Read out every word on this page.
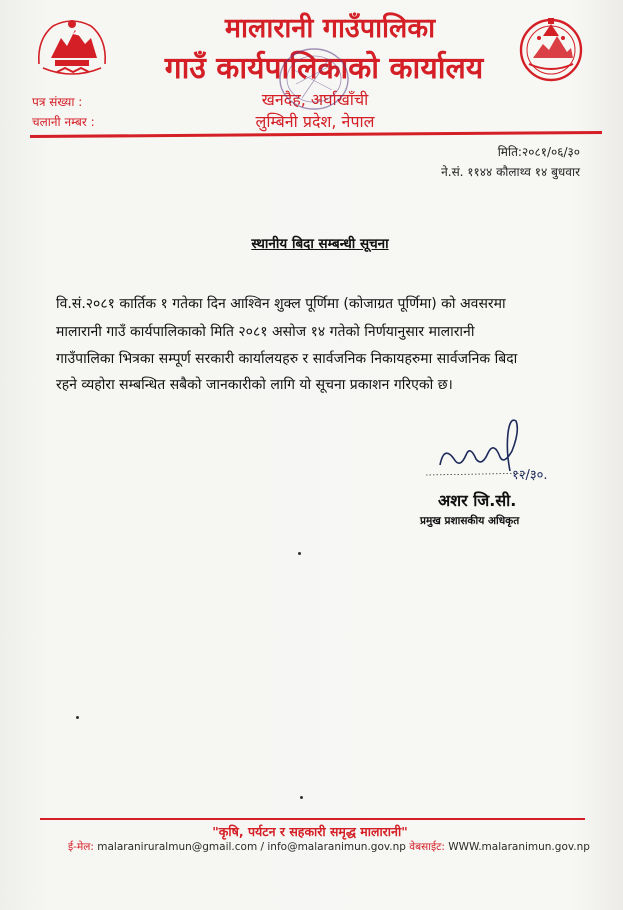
मालारानी गाउँपालिका
गाउँ कार्यपालिकाको कार्यालय
खनदैह, अर्घाखाँची
लुम्बिनी प्रदेश, नेपाल
पत्र संख्या :
चलानी नम्बर :
मिति:२०८१/०६/३०
ने.सं. ११४४ कौलाथ्व १४ बुधवार
स्थानीय बिदा सम्बन्धी सूचना
वि.सं.२०८१ कार्तिक १ गतेका दिन आश्विन शुक्ल पूर्णिमा (कोजाग्रत पूर्णिमा) को अवसरमा
मालारानी गाउँ कार्यपालिकाको मिति २०८१ असोज १४ गतेको निर्णयानुसार मालारानी
गाउँपालिका भित्रका सम्पूर्ण सरकारी कार्यालयहरु र सार्वजनिक निकायहरुमा सार्वजनिक बिदा
रहने व्यहोरा सम्बन्धित सबैको जानकारीको लागि यो सूचना प्रकाशन गरिएको छ।
१२/३०.
अशर जि.सी.
प्रमुख प्रशासकीय अधिकृत
"कृषि, पर्यटन र सहकारी समृद्ध मालारानी"
ई-मेल: malaraniruralmun@gmail.com / info@malaranimun.gov.np वेबसाईट: WWW.malaranimun.gov.np
